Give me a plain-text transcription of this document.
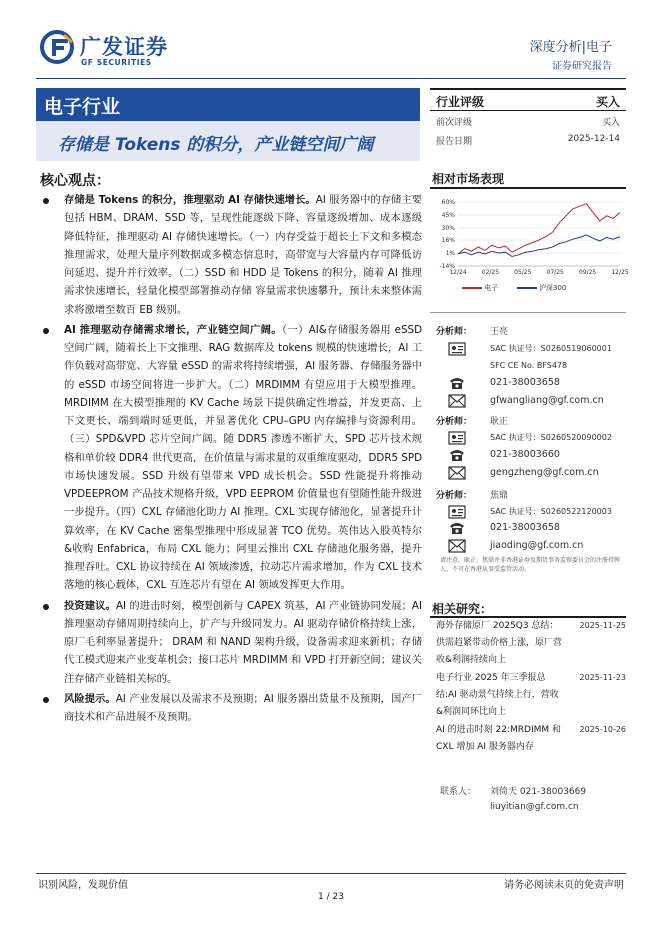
广发证券
GF SECURITIES
深度分析|电子
证券研究报告
电子行业
存储是 Tokens 的积分，产业链空间广阔
行业评级	买入
前次评级	买入
报告日期	2025-12-14
核心观点：
存储是 Tokens 的积分，推理驱动 AI 存储快速增长。AI 服务器中的存储主要包括 HBM、DRAM、SSD 等，呈现性能逐级下降、容量逐级增加、成本逐级降低特征，推理驱动 AI 存储快速增长。（一）内存受益于超长上下文和多模态推理需求，处理大量序列数据或多模态信息时，高带宽与大容量内存可降低访问延迟、提升并行效率。（二）SSD 和 HDD 是 Tokens 的积分，随着 AI 推理需求快速增长，轻量化模型部署推动存储 容量需求快速攀升，预计未来整体需求将激增至数百 EB 级别。
AI 推理驱动存储需求增长，产业链空间广阔。（一）AI&存储服务器用 eSSD 空间广阔，随着长上下文推理、RAG 数据库及 tokens 规模的快速增长，AI 工作负载对高带宽、大容量 eSSD 的需求将持续增强，AI 服务器、存储服务器中的 eSSD 市场空间将进一步扩大。（二）MRDIMM 有望应用于大模型推理。MRDIMM 在大模型推理的 KV Cache 场景下提供确定性增益，并发更高、上下文更长、端到端时延更低，并显著优化 CPU–GPU 内存编排与资源利用。（三）SPD&VPD 芯片空间广阔。随 DDR5 渗透不断扩大，SPD 芯片技术规格和单价较 DDR4 世代更高，在价值量与需求量的双重维度驱动，DDR5 SPD 市场快速发展。SSD 升级有望带来 VPD 成长机会。SSD 性能提升将推动 VPDEEPROM 产品技术规格升级，VPD EEPROM 价值量也有望随性能升级进一步提升。（四）CXL 存储池化助力 AI 推理。CXL 实现存储池化，显著提升计算效率，在 KV Cache 密集型推理中形成显著 TCO 优势。英伟达入股英特尔&收购 Enfabrica，布局 CXL 能力；阿里云推出 CXL 存储池化服务器，提升推理吞吐。CXL 协议持续在 AI 领域渗透，拉动芯片需求增加，作为 CXL 技术落地的核心载体，CXL 互连芯片有望在 AI 领域发挥更大作用。
投资建议。AI 的进击时刻，模型创新与 CAPEX 筑基，AI 产业链协同发展；AI 推理驱动存储周期持续向上，扩产与升级同发力。AI 驱动存储价格持续上涨，原厂毛利率显著提升； DRAM 和 NAND 架构升级，设备需求迎来新机；存储代工模式迎来产业变革机会；接口芯片 MRDIMM 和 VPD 打开新空间；建议关注存储产业链相关标的。
风险提示。AI 产业发展以及需求不及预期；AI 服务器出货量不及预期，国产厂商技术和产品进展不及预期。
相对市场表现
60%
45%
30%
16%
1%
-14%
12/24	02/25	05/25	07/25	09/25	12/25
电子	沪深300
分析师： 王亮
SAC 执证号：S0260519060001
SFC CE No. BFS478
021-38003658
gfwangliang@gf.com.cn
分析师： 耿正
SAC 执证号：S0260520090002
021-38003660
gengzheng@gf.com.cn
分析师： 焦鼎
SAC 执证号：S0260522120003
021-38003658
jiaoding@gf.com.cn
请注意，耿正、焦鼎并非香港证券及期货事务监察委员会的注册持牌人，不可在香港从事受监管活动。
相关研究：
海外存储原厂 2025Q3 总结：供需趋紧带动价格上涨，原厂营收&利润持续向上
2025-11-25
电子行业 2025 年三季报总结:AI 驱动景气持续上行，营收&利润同环比向上
2025-11-23
AI 的进击时刻 22:MRDIMM 和 CXL 增加 AI 服务器内存
2025-10-26
联系人： 刘倚天 021-38003669
liuyitian@gf.com.cn
识别风险，发现价值	请务必阅读末页的免责声明
1 / 23
